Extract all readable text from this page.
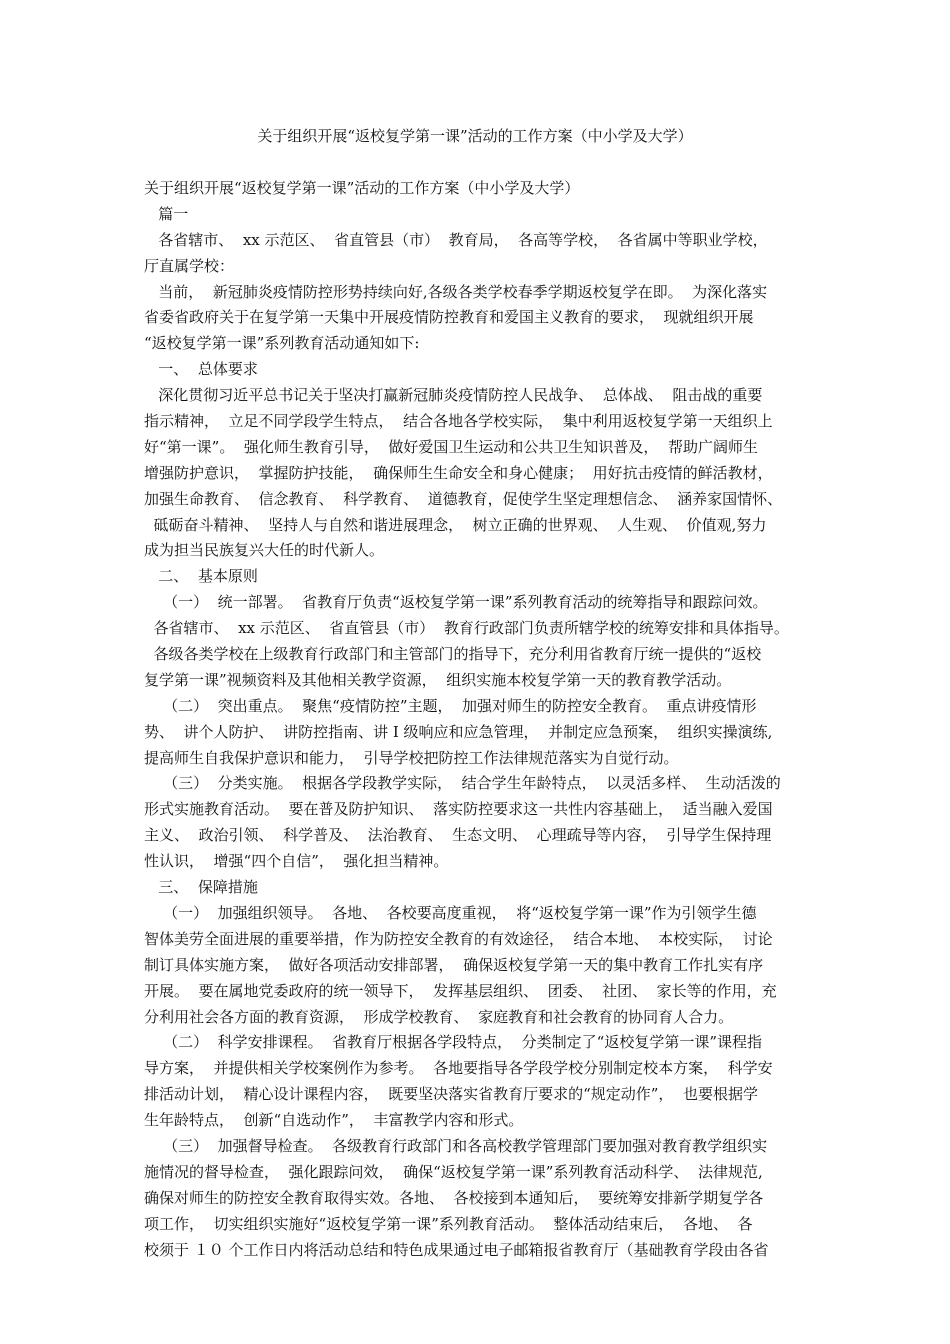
关于组织开展“返校复学第一课”活动的工作方案（中小学及大学）
关于组织开展“返校复学第一课”活动的工作方案（中小学及大学）
篇一
各省辖市、  xx 示范区、  省直管县（市）  教育局，  各高等学校，  各省属中等职业学校，
厅直属学校：
当前，  新冠肺炎疫情防控形势持续向好,各级各类学校春季学期返校复学在即。  为深化落实
省委省政府关于在复学第一天集中开展疫情防控教育和爱国主义教育的要求，  现就组织开展
“返校复学第一课”系列教育活动通知如下:
一、  总体要求
深化贯彻习近平总书记关于坚决打赢新冠肺炎疫情防控人民战争、  总体战、  阻击战的重要
指示精神，  立足不同学段学生特点，  结合各地各学校实际，  集中利用返校复学第一天组织上
好“第一课”。  强化师生教育引导，  做好爱国卫生运动和公共卫生知识普及，  帮助广阔师生
增强防护意识，  掌握防护技能，  确保师生生命安全和身心健康；  用好抗击疫情的鲜活教材，
加强生命教育、  信念教育、  科学教育、  道德教育，促使学生坚定理想信念、  涵养家国情怀、
砥砺奋斗精神、  坚持人与自然和谐进展理念，  树立正确的世界观、  人生观、  价值观,努力
成为担当民族复兴大任的时代新人。
二、  基本原则
（一）  统一部署。  省教育厅负责“返校复学第一课”系列教育活动的统筹指导和跟踪问效。
各省辖市、  xx 示范区、  省直管县（市）  教育行政部门负责所辖学校的统筹安排和具体指导。
各级各类学校在上级教育行政部门和主管部门的指导下，充分利用省教育厅统一提供的“返校
复学第一课”视频资料及其他相关教学资源，  组织实施本校复学第一天的教育教学活动。
（二）  突出重点。  聚焦“疫情防控”主题，  加强对师生的防控安全教育。  重点讲疫情形
势、  讲个人防护、  讲防控指南、讲 I 级响应和应急管理，  并制定应急预案，  组织实操演练,
提高师生自我保护意识和能力，  引导学校把防控工作法律规范落实为自觉行动。
（三）  分类实施。  根据各学段教学实际，  结合学生年龄特点，  以灵活多样、  生动活泼的
形式实施教育活动。  要在普及防护知识、  落实防控要求这一共性内容基础上，  适当融入爱国
主义、  政治引领、  科学普及、  法治教育、  生态文明、  心理疏导等内容，  引导学生保持理
性认识，  增强“四个自信”，  强化担当精神。
三、  保障措施
（一）  加强组织领导。  各地、  各校要高度重视，  将“返校复学第一课”作为引领学生德
智体美劳全面进展的重要举措，作为防控安全教育的有效途径，  结合本地、  本校实际，  讨论
制订具体实施方案，  做好各项活动安排部署，  确保返校复学第一天的集中教育工作扎实有序
开展。  要在属地党委政府的统一领导下，  发挥基层组织、  团委、  社团、  家长等的作用，充
分利用社会各方面的教育资源，  形成学校教育、  家庭教育和社会教育的协同育人合力。
（二）  科学安排课程。  省教育厅根据各学段特点，  分类制定了“返校复学第一课”课程指
导方案，  并提供相关学校案例作为参考。  各地要指导各学段学校分别制定校本方案，  科学安
排活动计划，  精心设计课程内容，  既要坚决落实省教育厅要求的“规定动作”，  也要根据学
生年龄特点，  创新“自选动作”，  丰富教学内容和形式。
（三）  加强督导检查。  各级教育行政部门和各高校教学管理部门要加强对教育教学组织实
施情况的督导检查，  强化跟踪问效，  确保“返校复学第一课”系列教育活动科学、  法律规范,
确保对师生的防控安全教育取得实效。各地、  各校接到本通知后，  要统筹安排新学期复学各
项工作，  切实组织实施好“返校复学第一课”系列教育活动。  整体活动结束后，  各地、  各
校须于 １０ 个工作日内将活动总结和特色成果通过电子邮箱报省教育厅（基础教育学段由各省
